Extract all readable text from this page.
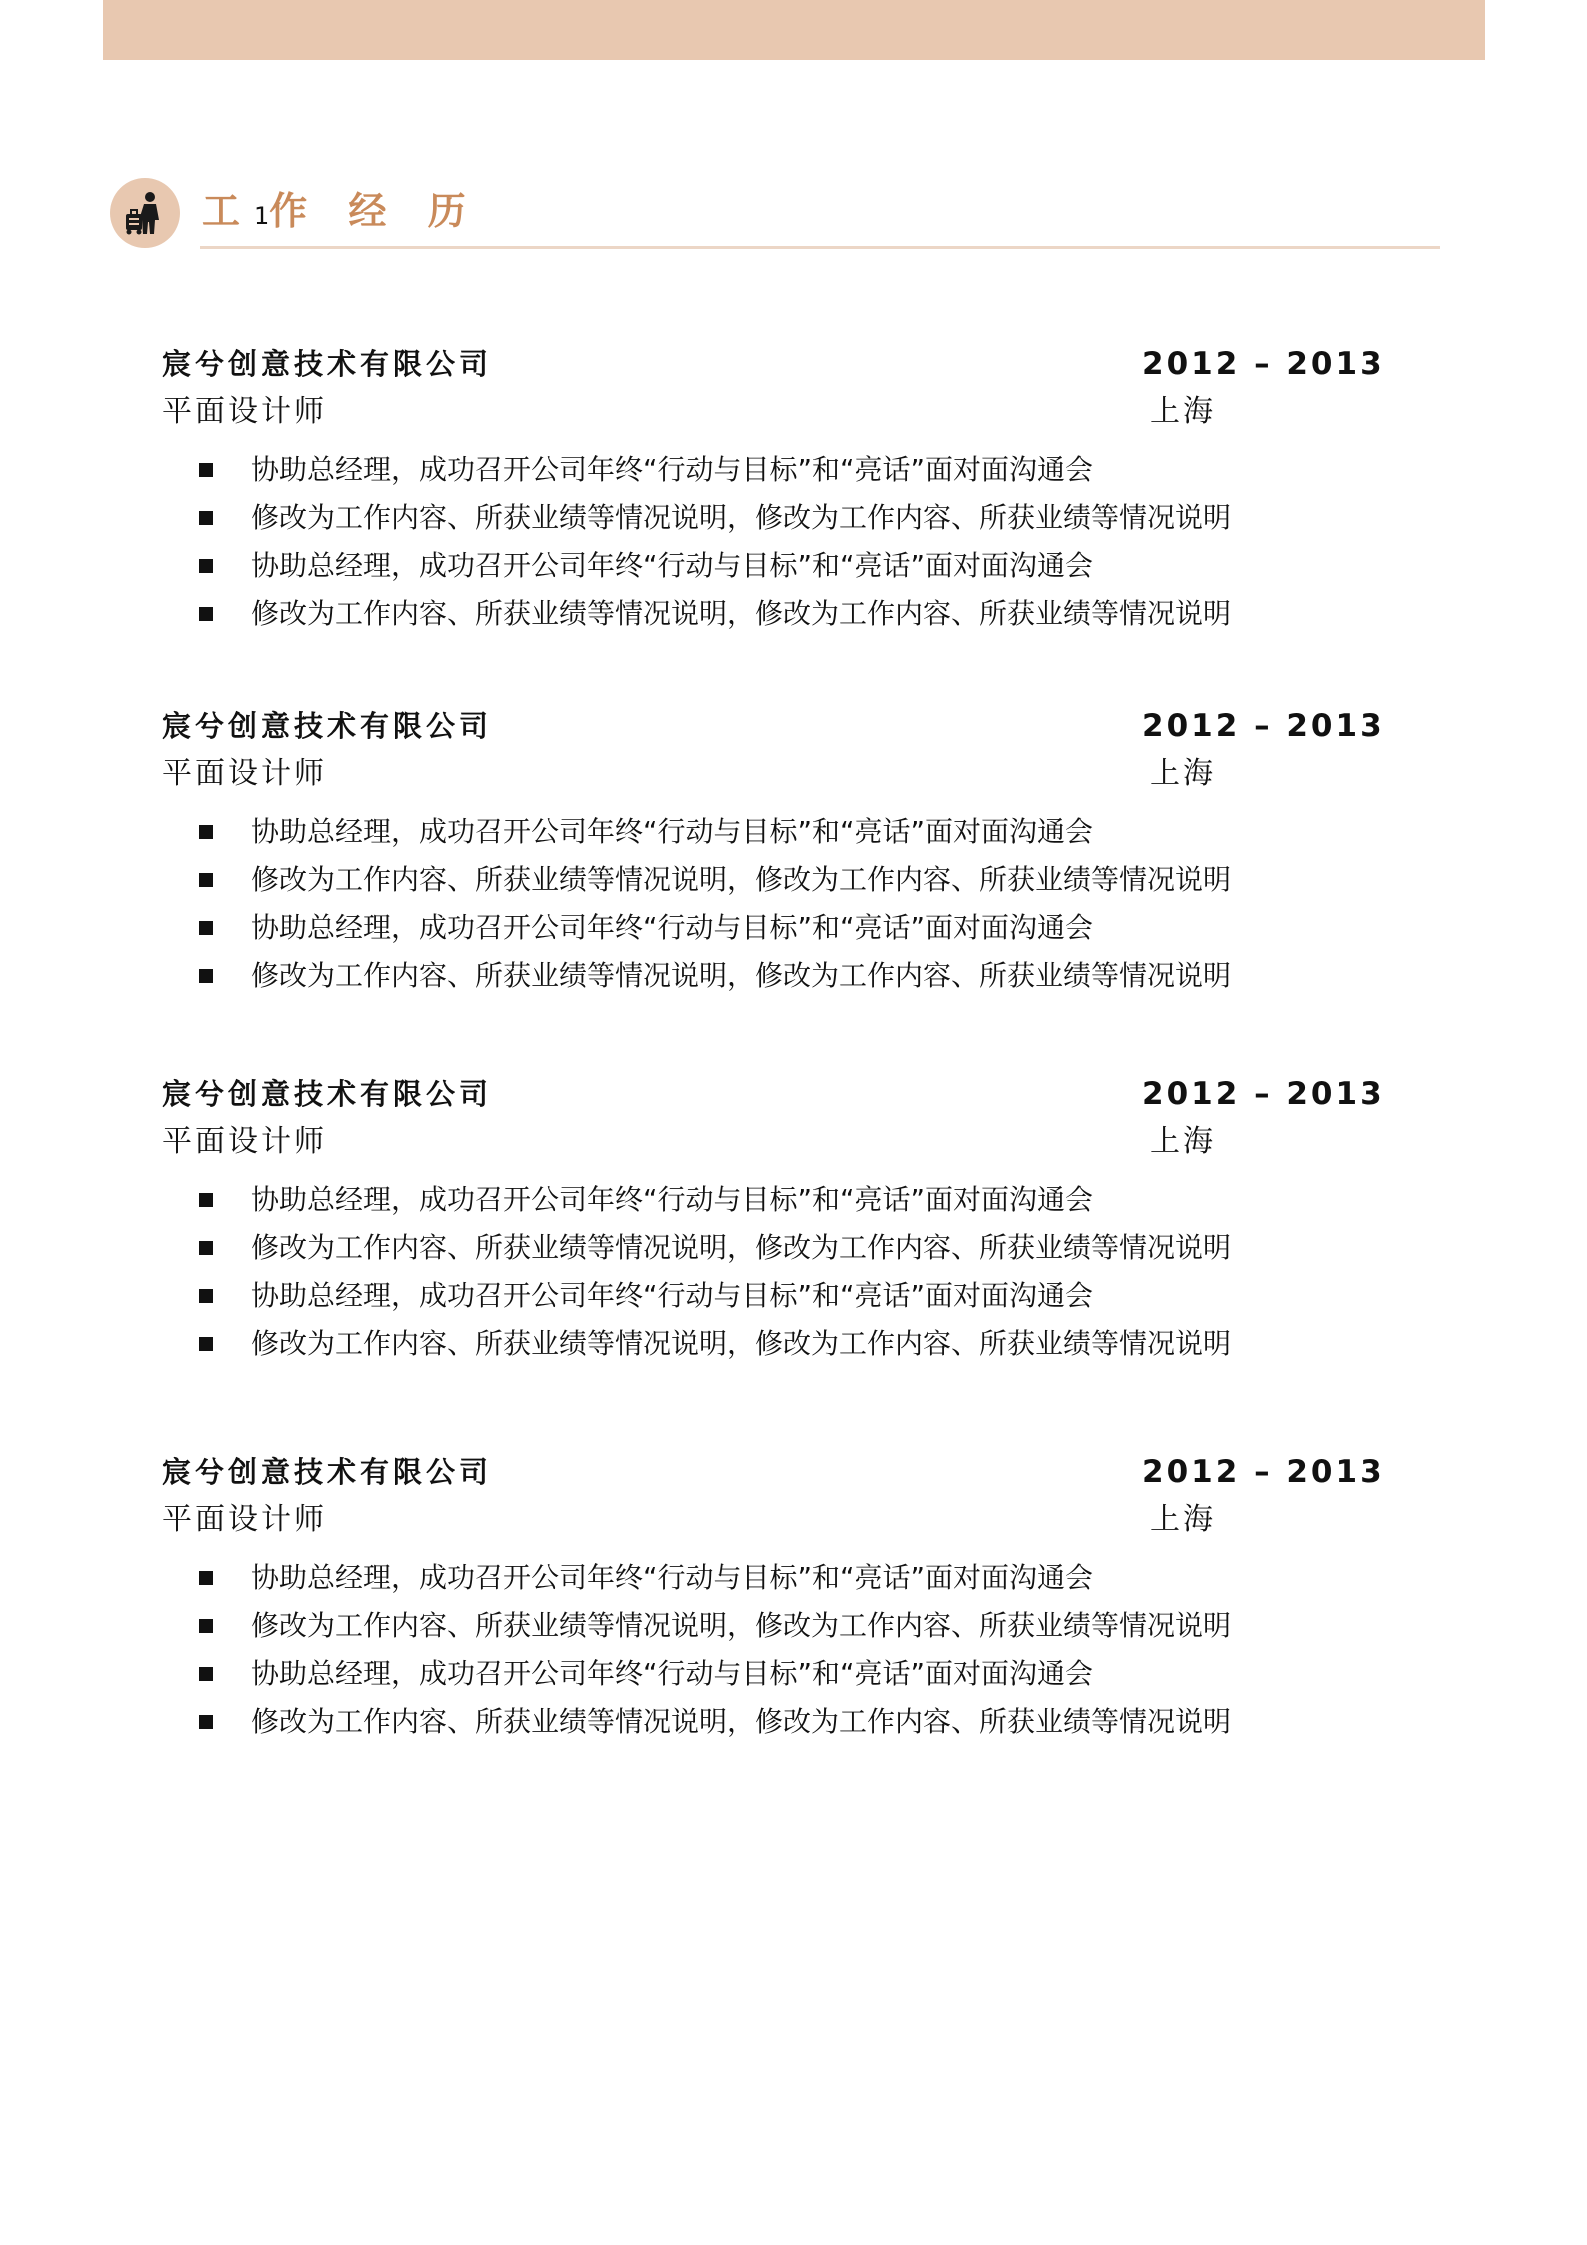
工1作 经 历
宸兮创意技术有限公司	2012 – 2013
平面设计师	上海
协助总经理，成功召开公司年终“行动与目标”和“亮话”面对面沟通会
修改为工作内容、所获业绩等情况说明，修改为工作内容、所获业绩等情况说明
协助总经理，成功召开公司年终“行动与目标”和“亮话”面对面沟通会
修改为工作内容、所获业绩等情况说明，修改为工作内容、所获业绩等情况说明
宸兮创意技术有限公司	2012 – 2013
平面设计师	上海
协助总经理，成功召开公司年终“行动与目标”和“亮话”面对面沟通会
修改为工作内容、所获业绩等情况说明，修改为工作内容、所获业绩等情况说明
协助总经理，成功召开公司年终“行动与目标”和“亮话”面对面沟通会
修改为工作内容、所获业绩等情况说明，修改为工作内容、所获业绩等情况说明
宸兮创意技术有限公司	2012 – 2013
平面设计师	上海
协助总经理，成功召开公司年终“行动与目标”和“亮话”面对面沟通会
修改为工作内容、所获业绩等情况说明，修改为工作内容、所获业绩等情况说明
协助总经理，成功召开公司年终“行动与目标”和“亮话”面对面沟通会
修改为工作内容、所获业绩等情况说明，修改为工作内容、所获业绩等情况说明
宸兮创意技术有限公司	2012 – 2013
平面设计师	上海
协助总经理，成功召开公司年终“行动与目标”和“亮话”面对面沟通会
修改为工作内容、所获业绩等情况说明，修改为工作内容、所获业绩等情况说明
协助总经理，成功召开公司年终“行动与目标”和“亮话”面对面沟通会
修改为工作内容、所获业绩等情况说明，修改为工作内容、所获业绩等情况说明
